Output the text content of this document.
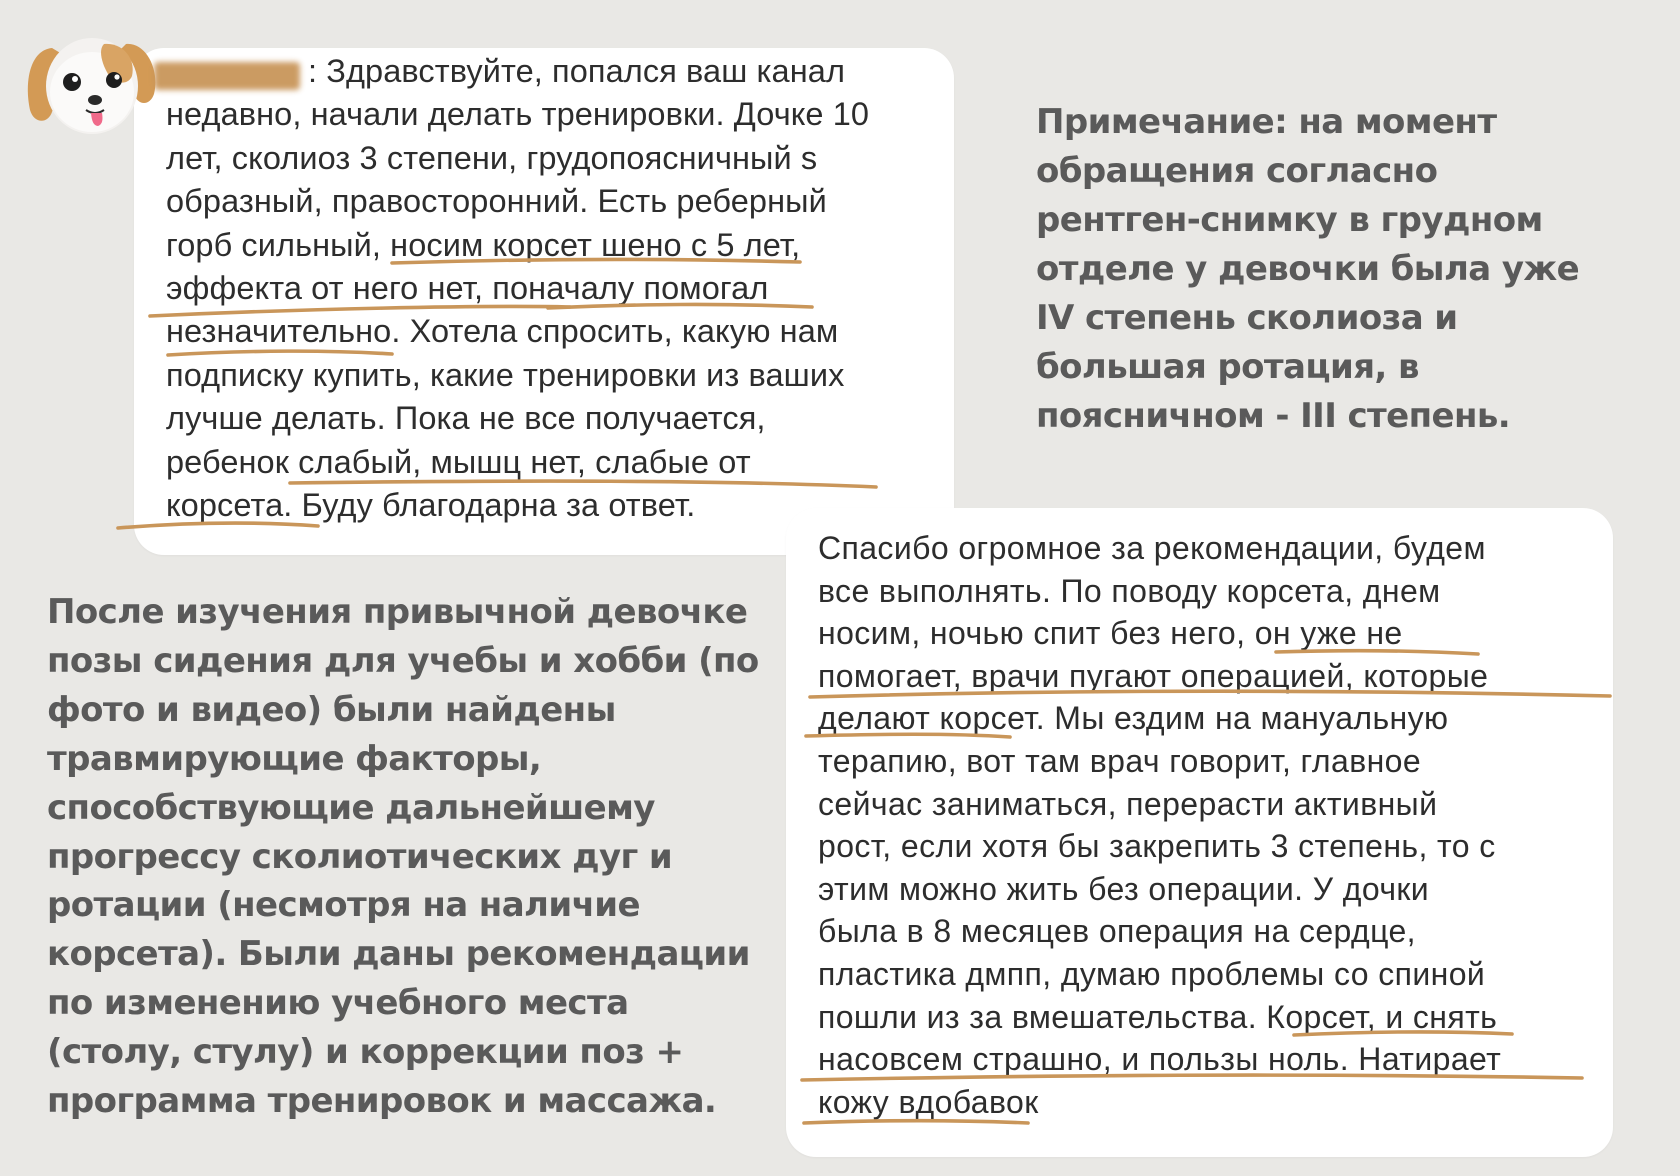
: Здравствуйте, попался ваш канал
недавно, начали делать тренировки. Дочке 10
лет, сколиоз 3 степени, грудопоясничный s
образный, правосторонний. Есть реберный
горб сильный, носим корсет шено с 5 лет,
эффекта от него нет, поначалу помогал
незначительно. Хотела спросить, какую нам
подписку купить, какие тренировки из ваших
лучше делать. Пока не все получается,
ребенок слабый, мышц нет, слабые от
корсета. Буду благодарна за ответ.
Примечание: на момент
обращения согласно
рентген-снимку в грудном
отделе у девочки была уже
IV степень сколиоза и
большая ротация, в
поясничном - III степень.
После изучения привычной девочке
позы сидения для учебы и хобби (по
фото и видео) были найдены
травмирующие факторы,
способствующие дальнейшему
прогрессу сколиотических дуг и
ротации (несмотря на наличие
корсета). Были даны рекомендации
по изменению учебного места
(столу, стулу) и коррекции поз +
программа тренировок и массажа.
Спасибо огромное за рекомендации, будем
все выполнять. По поводу корсета, днем
носим, ночью спит без него, он уже не
помогает, врачи пугают операцией, которые
делают корсет. Мы ездим на мануальную
терапию, вот там врач говорит, главное
сейчас заниматься, перерасти активный
рост, если хотя бы закрепить 3 степень, то с
этим можно жить без операции. У дочки
была в 8 месяцев операция на сердце,
пластика дмпп, думаю проблемы со спиной
пошли из за вмешательства. Корсет, и снять
насовсем страшно, и пользы ноль. Натирает
кожу вдобавок
